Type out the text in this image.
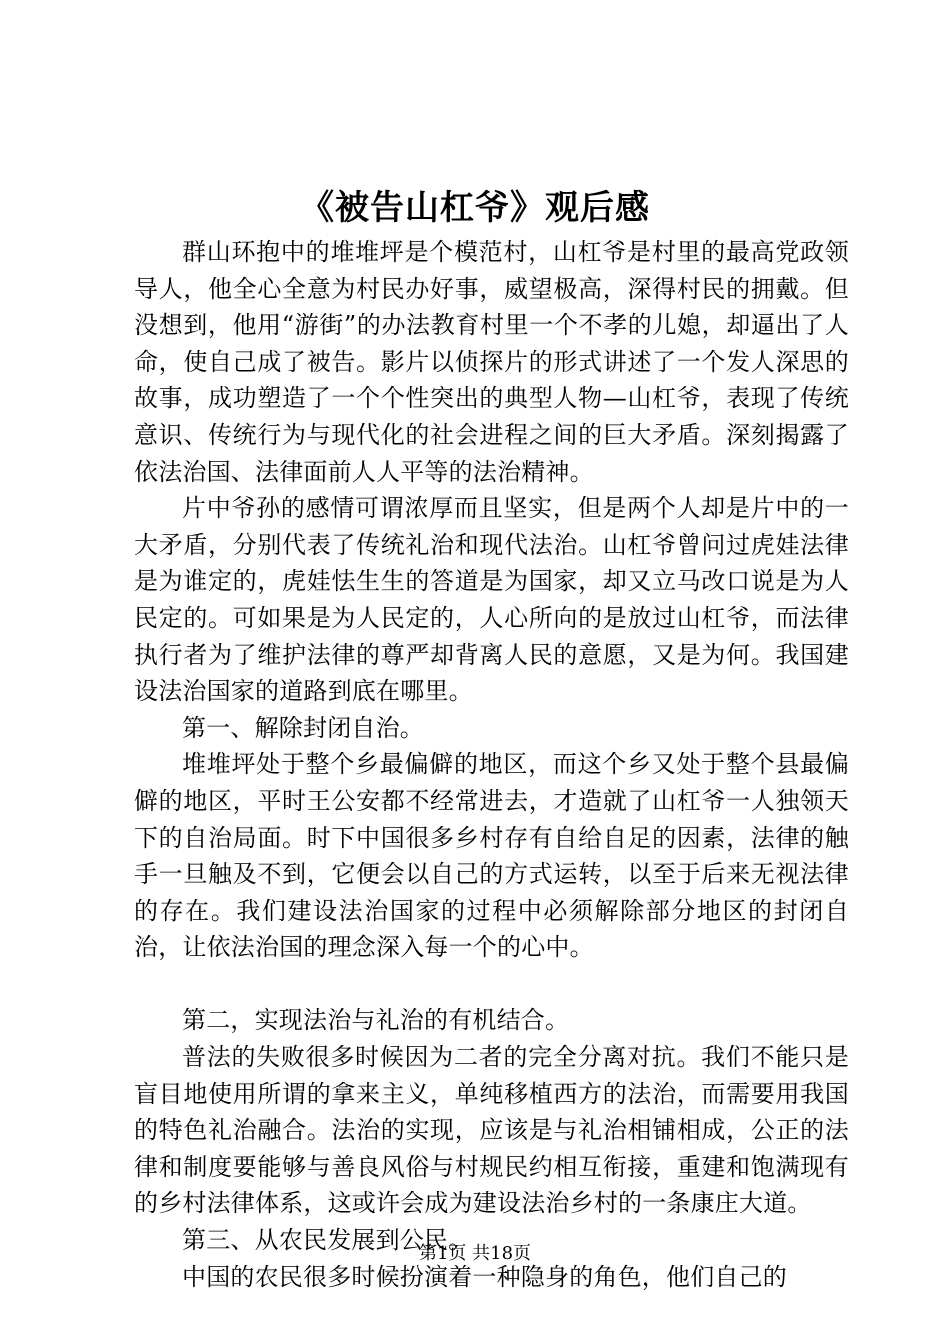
《被告山杠爷》观后感

群山环抱中的堆堆坪是个模范村，山杠爷是村里的最高党政领导人，他全心全意为村民办好事，威望极高，深得村民的拥戴。但没想到，他用“游街”的办法教育村里一个不孝的儿媳，却逼出了人命，使自己成了被告。影片以侦探片的形式讲述了一个发人深思的故事，成功塑造了一个个性突出的典型人物—山杠爷，表现了传统意识、传统行为与现代化的社会进程之间的巨大矛盾。深刻揭露了依法治国、法律面前人人平等的法治精神。

片中爷孙的感情可谓浓厚而且坚实，但是两个人却是片中的一大矛盾，分别代表了传统礼治和现代法治。山杠爷曾问过虎娃法律是为谁定的，虎娃怯生生的答道是为国家，却又立马改口说是为人民定的。可如果是为人民定的，人心所向的是放过山杠爷，而法律执行者为了维护法律的尊严却背离人民的意愿，又是为何。我国建设法治国家的道路到底在哪里。

第一、解除封闭自治。

堆堆坪处于整个乡最偏僻的地区，而这个乡又处于整个县最偏僻的地区，平时王公安都不经常进去，才造就了山杠爷一人独领天下的自治局面。时下中国很多乡村存有自给自足的因素，法律的触手一旦触及不到，它便会以自己的方式运转，以至于后来无视法律的存在。我们建设法治国家的过程中必须解除部分地区的封闭自治，让依法治国的理念深入每一个的心中。

第二，实现法治与礼治的有机结合。

普法的失败很多时候因为二者的完全分离对抗。我们不能只是盲目地使用所谓的拿来主义，单纯移植西方的法治，而需要用我国的特色礼治融合。法治的实现，应该是与礼治相铺相成，公正的法律和制度要能够与善良风俗与村规民约相互衔接，重建和饱满现有的乡村法律体系，这或许会成为建设法治乡村的一条康庄大道。

第三、从农民发展到公民。

中国的农民很多时候扮演着一种隐身的角色，他们自己的

第1页 共18页
